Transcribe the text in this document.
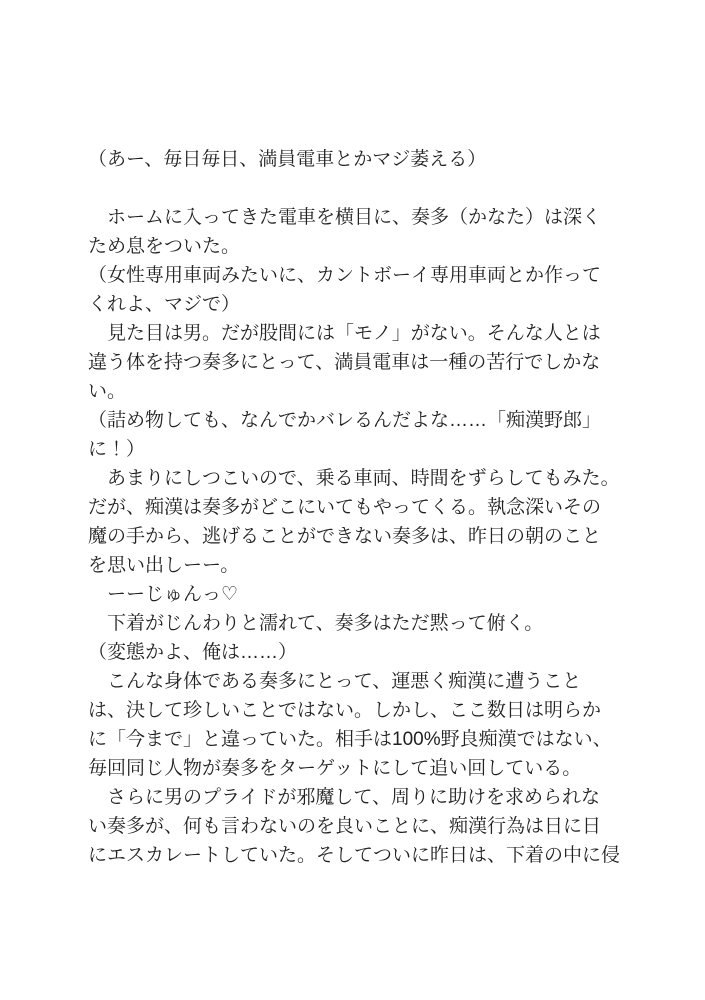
（あー、毎日毎日、満員電車とかマジ萎える）

　ホームに入ってきた電車を横目に、奏多（かなた）は深く

ため息をついた。

（女性専用車両みたいに、カントボーイ専用車両とか作って

くれよ、マジで）

　見た目は男。だが股間には「モノ」がない。そんな人とは

違う体を持つ奏多にとって、満員電車は一種の苦行でしかな

い。

（詰め物しても、なんでかバレるんだよな……「痴漢野郎」

に！）

　あまりにしつこいので、乗る車両、時間をずらしてもみた。

だが、痴漢は奏多がどこにいてもやってくる。執念深いその

魔の手から、逃げることができない奏多は、昨日の朝のこと

を思い出しーー。

　ーーじゅんっ♡

　下着がじんわりと濡れて、奏多はただ黙って俯く。

（変態かよ、俺は……）

　こんな身体である奏多にとって、運悪く痴漢に遭うこと

は、決して珍しいことではない。しかし、ここ数日は明らか

に「今まで」と違っていた。相手は100%野良痴漢ではない、

毎回同じ人物が奏多をターゲットにして追い回している。

　さらに男のプライドが邪魔して、周りに助けを求められな

い奏多が、何も言わないのを良いことに、痴漢行為は日に日

にエスカレートしていた。そしてついに昨日は、下着の中に侵
